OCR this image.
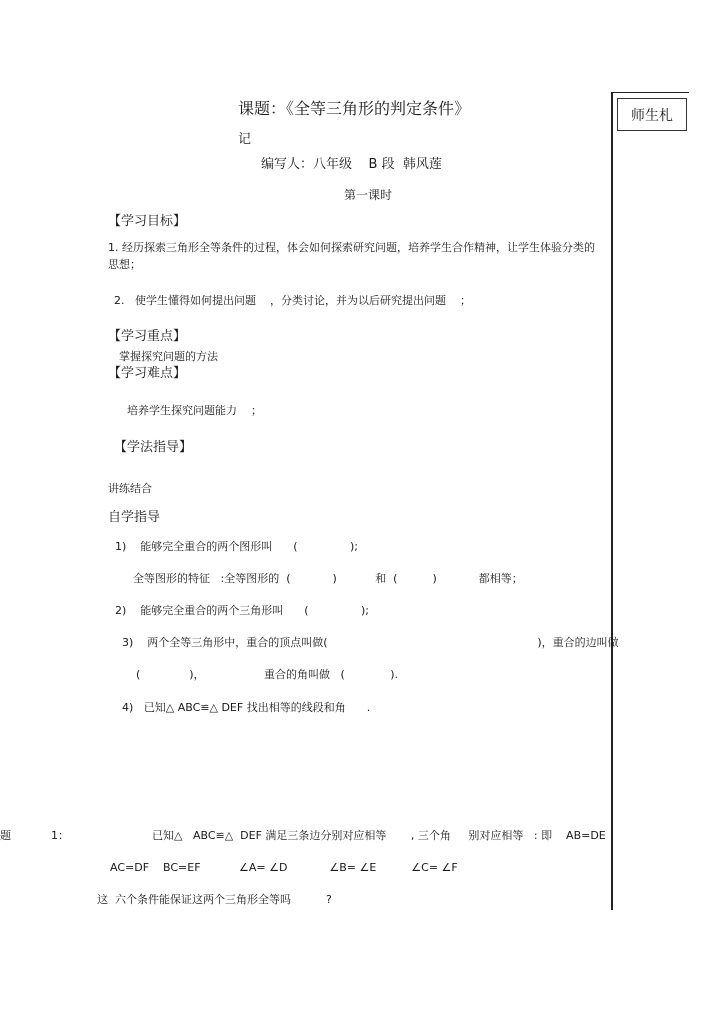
课题：《全等三角形的判定条件》
记
师生札
编写人：八年级    B 段  韩风莲
第一课时
【学习目标】
1. 经历探索三角形全等条件的过程，体会如何探索研究问题，培养学生合作精神，让学生体验分类的
思想；
2.   使学生懂得如何提出问题    ，分类讨论，并为以后研究提出问题    ；
【学习重点】
掌握探究问题的方法
【学习难点】
培养学生探究问题能力    ；
【学法指导】
讲练结合
自学指导
1)    能够完全重合的两个图形叫      (               );
全等图形的特征   :全等图形的  (            )           和  (          )            都相等；
2)    能够完全重合的两个三角形叫      (               );
3)    两个全等三角形中，重合的顶点叫做(                                                            )，重合的边叫做
(              )，                 重合的角叫做   (             ).
4)   已知△ ABC≌△ DEF 找出相等的线段和角      .
题	1：	已知△   ABC≌△  DEF 满足三条边分别对应相等       , 三个角     别对应相等   : 即    AB=DE
AC=DF    BC=EF           ∠A= ∠D            ∠B= ∠E          ∠C= ∠F
这  六个条件能保证这两个三角形全等吗          ?
